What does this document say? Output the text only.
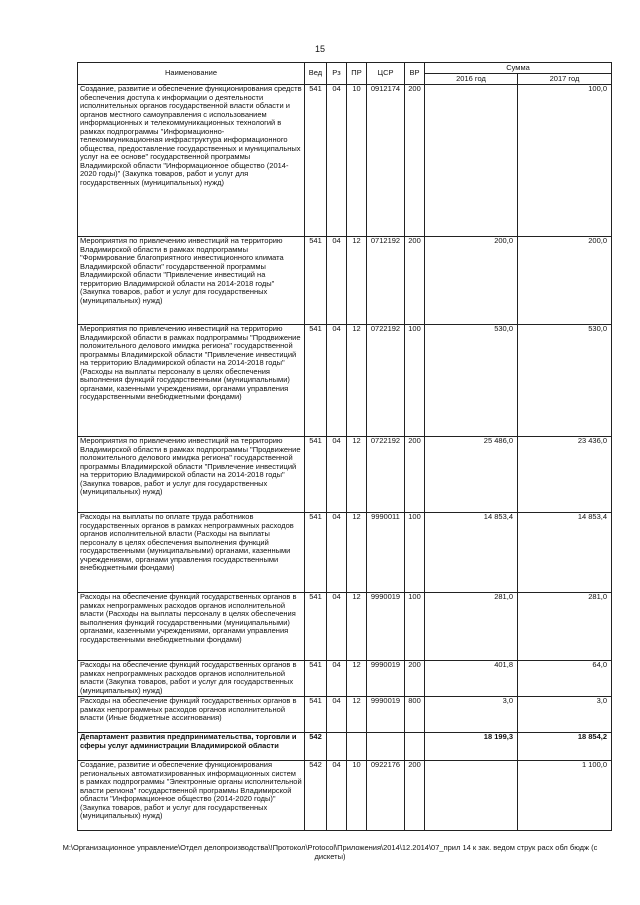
15
Наименование	Вед	Рз	ПР	ЦСР	ВР	Сумма	
						2016 год	2017 год
Создание, развитие и обеспечение функционирования средств обеспечения доступа к информации о деятельности исполнительных органов государственной власти области и органов местного самоуправления с использованием информационных и телекоммуникационных технологий в рамках подпрограммы "Информационно-телекоммуникационная инфраструктура информационного общества, предоставление государственных и муниципальных услуг на ее основе" государственной программы Владимирской области "Информационное общество (2014-2020 годы)" (Закупка товаров, работ и услуг для государственных (муниципальных) нужд)	541	04	10	0912174	200		100,0
Мероприятия по привлечению инвестиций на территорию Владимирской области в рамках подпрограммы "Формирование благоприятного инвестиционного климата Владимирской области" государственной программы Владимирской области "Привлечение инвестиций на территорию Владимирской области на 2014-2018 годы" (Закупка товаров, работ и услуг для государственных (муниципальных) нужд)	541	04	12	0712192	200	200,0	200,0
Мероприятия по привлечению инвестиций на территорию Владимирской области в рамках подпрограммы "Продвижение положительного делового имиджа региона" государственной программы Владимирской области "Привлечение инвестиций на территорию Владимирской области на 2014-2018 годы" (Расходы на выплаты персоналу в целях обеспечения выполнения функций государственными (муниципальными) органами, казенными учреждениями, органами управления государственными внебюджетными фондами)	541	04	12	0722192	100	530,0	530,0
Мероприятия по привлечению инвестиций на территорию Владимирской области в рамках подпрограммы "Продвижение положительного делового имиджа региона" государственной программы Владимирской области "Привлечение инвестиций на территорию Владимирской области на 2014-2018 годы" (Закупка товаров, работ и услуг для государственных (муниципальных) нужд)	541	04	12	0722192	200	25 486,0	23 436,0
Расходы на выплаты по оплате труда работников государственных органов в рамках непрограммных расходов органов исполнительной власти (Расходы на выплаты персоналу в целях обеспечения выполнения функций государственными (муниципальными) органами, казенными учреждениями, органами управления государственными внебюджетными фондами)	541	04	12	9990011	100	14 853,4	14 853,4
Расходы на обеспечение функций государственных органов в рамках непрограммных расходов органов исполнительной власти (Расходы на выплаты персоналу в целях обеспечения выполнения функций государственными (муниципальными) органами, казенными учреждениями, органами управления государственными внебюджетными фондами)	541	04	12	9990019	100	281,0	281,0
Расходы на обеспечение функций государственных органов в рамках непрограммных расходов органов исполнительной власти (Закупка товаров, работ и услуг для государственных (муниципальных) нужд)	541	04	12	9990019	200	401,8	64,0
Расходы на обеспечение функций государственных органов в рамках непрограммных расходов органов исполнительной власти (Иные бюджетные ассигнования)	541	04	12	9990019	800	3,0	3,0
Департамент развития предпринимательства, торговли и сферы услуг администрации Владимирской области	542					18 199,3	18 854,2
Создание, развитие и обеспечение функционирования региональных автоматизированных информационных систем в рамках подпрограммы "Электронные органы исполнительной власти региона" государственной программы Владимирской области "Информационное общество (2014-2020 годы)" (Закупка товаров, работ и услуг для государственных (муниципальных) нужд)	542	04	10	0922176	200		1 100,0
M:\Организационное управление\Отдел делопроизводства\!Протокол\Protocol\Приложения\2014\12.2014\07_прил 14 к зак. ведом струк расх обл бюдж (с дискеты)
